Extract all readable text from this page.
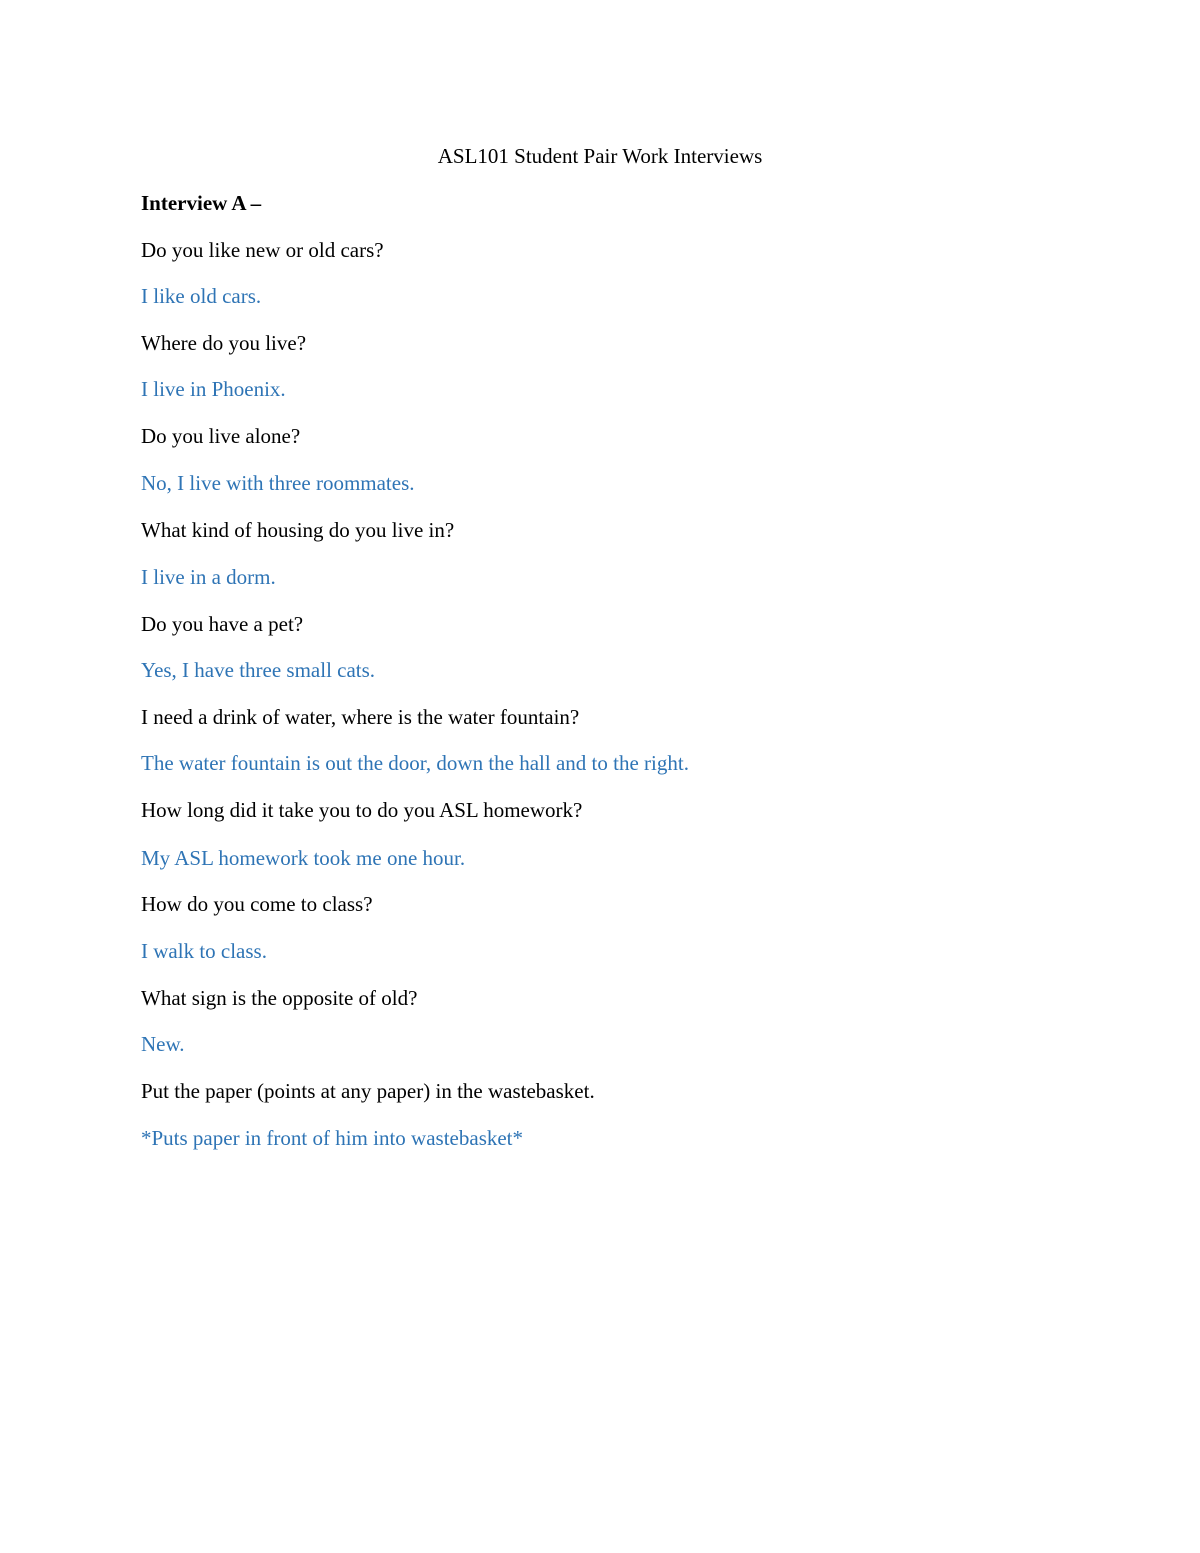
ASL101 Student Pair Work Interviews
Interview A –
Do you like new or old cars?
I like old cars.
Where do you live?
I live in Phoenix.
Do you live alone?
No, I live with three roommates.
What kind of housing do you live in?
I live in a dorm.
Do you have a pet?
Yes, I have three small cats.
I need a drink of water, where is the water fountain?
The water fountain is out the door, down the hall and to the right.
How long did it take you to do you ASL homework?
My ASL homework took me one hour.
How do you come to class?
I walk to class.
What sign is the opposite of old?
New.
Put the paper (points at any paper) in the wastebasket.
*Puts paper in front of him into wastebasket*
